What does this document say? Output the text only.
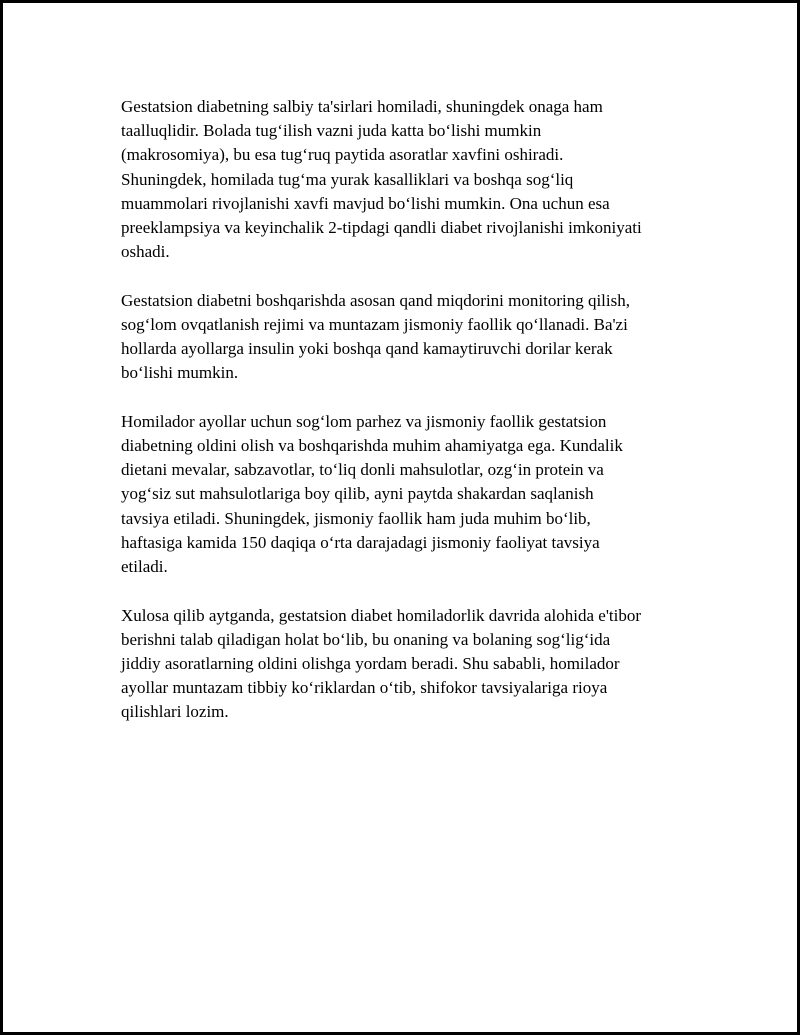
Gestatsion diabetning salbiy ta'sirlari homiladi, shuningdek onaga ham
taalluqlidir. Bolada tug‘ilish vazni juda katta bo‘lishi mumkin
(makrosomiya), bu esa tug‘ruq paytida asoratlar xavfini oshiradi.
Shuningdek, homilada tug‘ma yurak kasalliklari va boshqa sog‘liq
muammolari rivojlanishi xavfi mavjud bo‘lishi mumkin. Ona uchun esa
preeklampsiya va keyinchalik 2-tipdagi qandli diabet rivojlanishi imkoniyati
oshadi.

Gestatsion diabetni boshqarishda asosan qand miqdorini monitoring qilish,
sog‘lom ovqatlanish rejimi va muntazam jismoniy faollik qo‘llanadi. Ba'zi
hollarda ayollarga insulin yoki boshqa qand kamaytiruvchi dorilar kerak
bo‘lishi mumkin.

Homilador ayollar uchun sog‘lom parhez va jismoniy faollik gestatsion
diabetning oldini olish va boshqarishda muhim ahamiyatga ega. Kundalik
dietani mevalar, sabzavotlar, to‘liq donli mahsulotlar, ozg‘in protein va
yog‘siz sut mahsulotlariga boy qilib, ayni paytda shakardan saqlanish
tavsiya etiladi. Shuningdek, jismoniy faollik ham juda muhim bo‘lib,
haftasiga kamida 150 daqiqa o‘rta darajadagi jismoniy faoliyat tavsiya
etiladi.

Xulosa qilib aytganda, gestatsion diabet homiladorlik davrida alohida e'tibor
berishni talab qiladigan holat bo‘lib, bu onaning va bolaning sog‘lig‘ida
jiddiy asoratlarning oldini olishga yordam beradi. Shu sababli, homilador
ayollar muntazam tibbiy ko‘riklardan o‘tib, shifokor tavsiyalariga rioya
qilishlari lozim.
